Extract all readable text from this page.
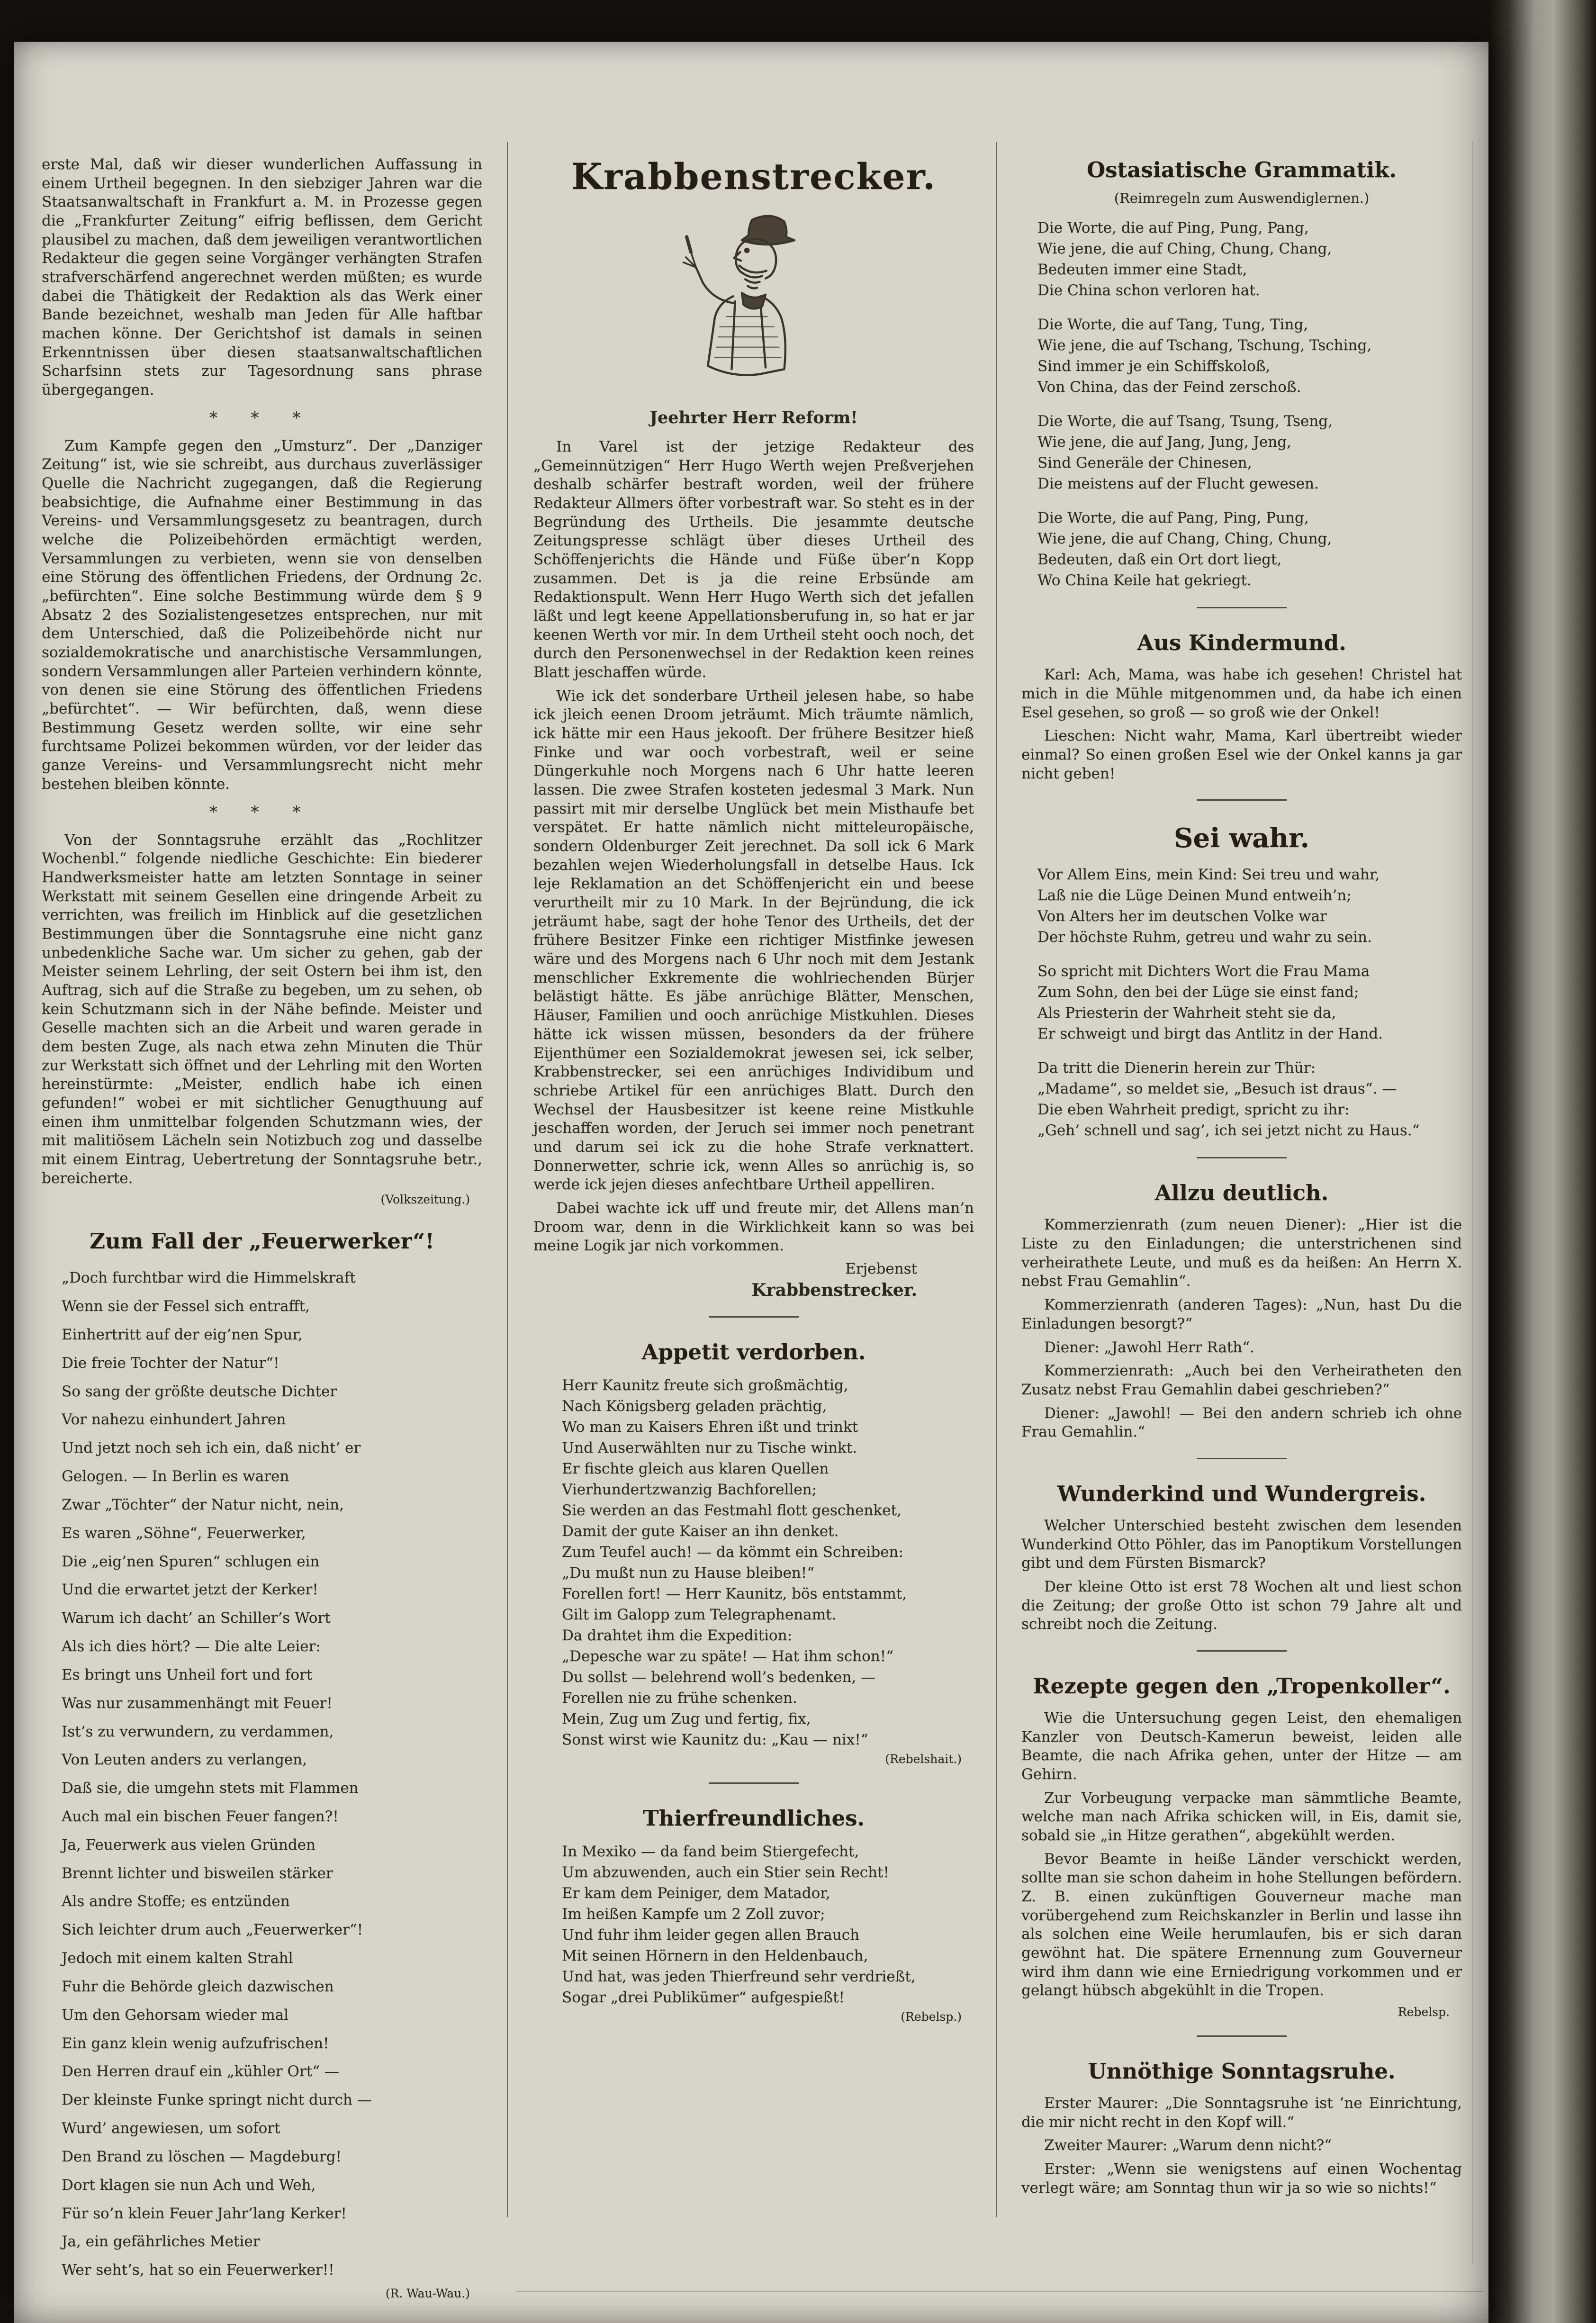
erste Mal, daß wir dieser wunderlichen Auffassung in einem Urtheil begegnen. In den siebziger Jahren war die Staatsanwaltschaft in Frankfurt a. M. in Prozesse gegen die „Frankfurter Zeitung“ eifrig beflissen, dem Gericht plausibel zu machen, daß dem jeweiligen verantwortlichen Redakteur die gegen seine Vorgänger verhängten Strafen strafverschärfend angerechnet werden müßten; es wurde dabei die Thätigkeit der Redaktion als das Werk einer Bande bezeichnet, weshalb man Jeden für Alle haftbar machen könne. Der Gerichtshof ist damals in seinen Erkenntnissen über diesen staatsanwaltschaftlichen Scharfsinn stets zur Tagesordnung sans phrase übergegangen.

* * *

Zum Kampfe gegen den „Umsturz“. Der „Danziger Zeitung“ ist, wie sie schreibt, aus durchaus zuverlässiger Quelle die Nachricht zugegangen, daß die Regierung beabsichtige, die Aufnahme einer Bestimmung in das Vereins- und Versammlungsgesetz zu beantragen, durch welche die Polizeibehörden ermächtigt werden, Versammlungen zu verbieten, wenn sie von denselben eine Störung des öffentlichen Friedens, der Ordnung 2c. „befürchten“. Eine solche Bestimmung würde dem § 9 Absatz 2 des Sozialistengesetzes entsprechen, nur mit dem Unterschied, daß die Polizeibehörde nicht nur sozialdemokratische und anarchistische Versammlungen, sondern Versammlungen aller Parteien verhindern könnte, von denen sie eine Störung des öffentlichen Friedens „befürchtet“. — Wir befürchten, daß, wenn diese Bestimmung Gesetz werden sollte, wir eine sehr furchtsame Polizei bekommen würden, vor der leider das ganze Vereins- und Versammlungsrecht nicht mehr bestehen bleiben könnte.

* * *

Von der Sonntagsruhe erzählt das „Rochlitzer Wochenbl.“ folgende niedliche Geschichte: Ein biederer Handwerksmeister hatte am letzten Sonntage in seiner Werkstatt mit seinem Gesellen eine dringende Arbeit zu verrichten, was freilich im Hinblick auf die gesetzlichen Bestimmungen über die Sonntagsruhe eine nicht ganz unbedenkliche Sache war. Um sicher zu gehen, gab der Meister seinem Lehrling, der seit Ostern bei ihm ist, den Auftrag, sich auf die Straße zu begeben, um zu sehen, ob kein Schutzmann sich in der Nähe befinde. Meister und Geselle machten sich an die Arbeit und waren gerade in dem besten Zuge, als nach etwa zehn Minuten die Thür zur Werkstatt sich öffnet und der Lehrling mit den Worten hereinstürmte: „Meister, endlich habe ich einen gefunden!“ wobei er mit sichtlicher Genugthuung auf einen ihm unmittelbar folgenden Schutzmann wies, der mit malitiösem Lächeln sein Notizbuch zog und dasselbe mit einem Eintrag, Uebertretung der Sonntagsruhe betr., bereicherte.

(Volkszeitung.)
Zum Fall der „Feuerwerker“!
„Doch furchtbar wird die Himmelskraft
Wenn sie der Fessel sich entrafft,
Einhertritt auf der eig’nen Spur,
Die freie Tochter der Natur“!
So sang der größte deutsche Dichter
Vor nahezu einhundert Jahren
Und jetzt noch seh ich ein, daß nicht’ er
Gelogen. — In Berlin es waren
Zwar „Töchter“ der Natur nicht, nein,
Es waren „Söhne“, Feuerwerker,
Die „eig’nen Spuren“ schlugen ein
Und die erwartet jetzt der Kerker!
Warum ich dacht’ an Schiller’s Wort
Als ich dies hört? — Die alte Leier:
Es bringt uns Unheil fort und fort
Was nur zusammenhängt mit Feuer!
Ist’s zu verwundern, zu verdammen,
Von Leuten anders zu verlangen,
Daß sie, die umgehn stets mit Flammen
Auch mal ein bischen Feuer fangen?!
Ja, Feuerwerk aus vielen Gründen
Brennt lichter und bisweilen stärker
Als andre Stoffe; es entzünden
Sich leichter drum auch „Feuerwerker“!
Jedoch mit einem kalten Strahl
Fuhr die Behörde gleich dazwischen
Um den Gehorsam wieder mal
Ein ganz klein wenig aufzufrischen!
Den Herren drauf ein „kühler Ort“ —
Der kleinste Funke springt nicht durch —
Wurd’ angewiesen, um sofort
Den Brand zu löschen — Magdeburg!
Dort klagen sie nun Ach und Weh,
Für so’n klein Feuer Jahr’lang Kerker!
Ja, ein gefährliches Metier
Wer seht’s, hat so ein Feuerwerker!!
(R. Wau-Wau.)
Krabbenstrecker.
Jeehrter Herr Reform!

In Varel ist der jetzige Redakteur des „Gemeinnützigen“ Herr Hugo Werth wejen Preßverjehen deshalb schärfer bestraft worden, weil der frühere Redakteur Allmers öfter vorbestraft war. So steht es in der Begründung des Urtheils. Die jesammte deutsche Zeitungspresse schlägt über dieses Urtheil des Schöffenjerichts die Hände und Füße über’n Kopp zusammen. Det is ja die reine Erbsünde am Redaktionspult. Wenn Herr Hugo Werth sich det jefallen läßt und legt keene Appellationsberufung in, so hat er jar keenen Werth vor mir. In dem Urtheil steht ooch noch, det durch den Personenwechsel in der Redaktion keen reines Blatt jeschaffen würde.

Wie ick det sonderbare Urtheil jelesen habe, so habe ick jleich eenen Droom jeträumt. Mich träumte nämlich, ick hätte mir een Haus jekooft. Der frühere Besitzer hieß Finke und war ooch vorbestraft, weil er seine Düngerkuhle noch Morgens nach 6 Uhr hatte leeren lassen. Die zwee Strafen kosteten jedesmal 3 Mark. Nun passirt mit mir derselbe Unglück bet mein Misthaufe bet verspätet. Er hatte nämlich nicht mitteleuropäische, sondern Oldenburger Zeit jerechnet. Da soll ick 6 Mark bezahlen wejen Wiederholungsfall in detselbe Haus. Ick leje Reklamation an det Schöffenjericht ein und beese verurtheilt mir zu 10 Mark. In der Bejründung, die ick jeträumt habe, sagt der hohe Tenor des Urtheils, det der frühere Besitzer Finke een richtiger Mistfinke jewesen wäre und des Morgens nach 6 Uhr noch mit dem Jestank menschlicher Exkremente die wohlriechenden Bürjer belästigt hätte. Es jäbe anrüchige Blätter, Menschen, Häuser, Familien und ooch anrüchige Mistkuhlen. Dieses hätte ick wissen müssen, besonders da der frühere Eijenthümer een Sozialdemokrat jewesen sei, ick selber, Krabbenstrecker, sei een anrüchiges Individibum und schriebe Artikel für een anrüchiges Blatt. Durch den Wechsel der Hausbesitzer ist keene reine Mistkuhle jeschaffen worden, der Jeruch sei immer noch penetrant und darum sei ick zu die hohe Strafe verknattert. Donnerwetter, schrie ick, wenn Alles so anrüchig is, so werde ick jejen dieses anfechtbare Urtheil appelliren.

Dabei wachte ick uff und freute mir, det Allens man’n Droom war, denn in die Wirklichkeit kann so was bei meine Logik jar nich vorkommen.

Erjebenst
Krabbenstrecker.
Appetit verdorben.
Herr Kaunitz freute sich großmächtig,
Nach Königsberg geladen prächtig,
Wo man zu Kaisers Ehren ißt und trinkt
Und Auserwählten nur zu Tische winkt.
Er fischte gleich aus klaren Quellen
Vierhundertzwanzig Bachforellen;
Sie werden an das Festmahl flott geschenket,
Damit der gute Kaiser an ihn denket.
Zum Teufel auch! — da kömmt ein Schreiben:
„Du mußt nun zu Hause bleiben!“
Forellen fort! — Herr Kaunitz, bös entstammt,
Gilt im Galopp zum Telegraphenamt.
Da drahtet ihm die Expedition:
„Depesche war zu späte! — Hat ihm schon!“
Du sollst — belehrend woll’s bedenken, —
Forellen nie zu frühe schenken.
Mein, Zug um Zug und fertig, fix,
Sonst wirst wie Kaunitz du: „Kau — nix!“
(Rebelshait.)
Thierfreundliches.
In Mexiko — da fand beim Stiergefecht,
Um abzuwenden, auch ein Stier sein Recht!
Er kam dem Peiniger, dem Matador,
Im heißen Kampfe um 2 Zoll zuvor;
Und fuhr ihm leider gegen allen Brauch
Mit seinen Hörnern in den Heldenbauch,
Und hat, was jeden Thierfreund sehr verdrießt,
Sogar „drei Publikümer“ aufgespießt!
(Rebelsp.)
Ostasiatische Grammatik.
(Reimregeln zum Auswendiglernen.)
Die Worte, die auf Ping, Pung, Pang,
Wie jene, die auf Ching, Chung, Chang,
Bedeuten immer eine Stadt,
Die China schon verloren hat.
Die Worte, die auf Tang, Tung, Ting,
Wie jene, die auf Tschang, Tschung, Tsching,
Sind immer je ein Schiffskoloß,
Von China, das der Feind zerschoß.
Die Worte, die auf Tsang, Tsung, Tseng,
Wie jene, die auf Jang, Jung, Jeng,
Sind Generäle der Chinesen,
Die meistens auf der Flucht gewesen.
Die Worte, die auf Pang, Ping, Pung,
Wie jene, die auf Chang, Ching, Chung,
Bedeuten, daß ein Ort dort liegt,
Wo China Keile hat gekriegt.
Aus Kindermund.

Karl: Ach, Mama, was habe ich gesehen! Christel hat mich in die Mühle mitgenommen und, da habe ich einen Esel gesehen, so groß — so groß wie der Onkel!

Lieschen: Nicht wahr, Mama, Karl übertreibt wieder einmal? So einen großen Esel wie der Onkel kanns ja gar nicht geben!

Sei wahr.
Vor Allem Eins, mein Kind: Sei treu und wahr,
Laß nie die Lüge Deinen Mund entweih’n;
Von Alters her im deutschen Volke war
Der höchste Ruhm, getreu und wahr zu sein.
So spricht mit Dichters Wort die Frau Mama
Zum Sohn, den bei der Lüge sie einst fand;
Als Priesterin der Wahrheit steht sie da,
Er schweigt und birgt das Antlitz in der Hand.
Da tritt die Dienerin herein zur Thür:
„Madame“, so meldet sie, „Besuch ist draus“. —
Die eben Wahrheit predigt, spricht zu ihr:
„Geh’ schnell und sag’, ich sei jetzt nicht zu Haus.“
Allzu deutlich.

Kommerzienrath (zum neuen Diener): „Hier ist die Liste zu den Einladungen; die unterstrichenen sind verheirathete Leute, und muß es da heißen: An Herrn X. nebst Frau Gemahlin“.

Kommerzienrath (anderen Tages): „Nun, hast Du die Einladungen besorgt?“

Diener: „Jawohl Herr Rath“.

Kommerzienrath: „Auch bei den Verheiratheten den Zusatz nebst Frau Gemahlin dabei geschrieben?“

Diener: „Jawohl! — Bei den andern schrieb ich ohne Frau Gemahlin.“

Wunderkind und Wundergreis.

Welcher Unterschied besteht zwischen dem lesenden Wunderkind Otto Pöhler, das im Panoptikum Vorstellungen gibt und dem Fürsten Bismarck?

Der kleine Otto ist erst 78 Wochen alt und liest schon die Zeitung; der große Otto ist schon 79 Jahre alt und schreibt noch die Zeitung.

Rezepte gegen den „Tropenkoller“.

Wie die Untersuchung gegen Leist, den ehemaligen Kanzler von Deutsch-Kamerun beweist, leiden alle Beamte, die nach Afrika gehen, unter der Hitze — am Gehirn.

Zur Vorbeugung verpacke man sämmtliche Beamte, welche man nach Afrika schicken will, in Eis, damit sie, sobald sie „in Hitze gerathen“, abgekühlt werden.

Bevor Beamte in heiße Länder verschickt werden, sollte man sie schon daheim in hohe Stellungen befördern. Z. B. einen zukünftigen Gouverneur mache man vorübergehend zum Reichskanzler in Berlin und lasse ihn als solchen eine Weile herumlaufen, bis er sich daran gewöhnt hat. Die spätere Ernennung zum Gouverneur wird ihm dann wie eine Erniedrigung vorkommen und er gelangt hübsch abgekühlt in die Tropen.

Rebelsp.
Unnöthige Sonntagsruhe.

Erster Maurer: „Die Sonntagsruhe ist ’ne Einrichtung, die mir nicht recht in den Kopf will.“

Zweiter Maurer: „Warum denn nicht?“

Erster: „Wenn sie wenigstens auf einen Wochentag verlegt wäre; am Sonntag thun wir ja so wie so nichts!“
